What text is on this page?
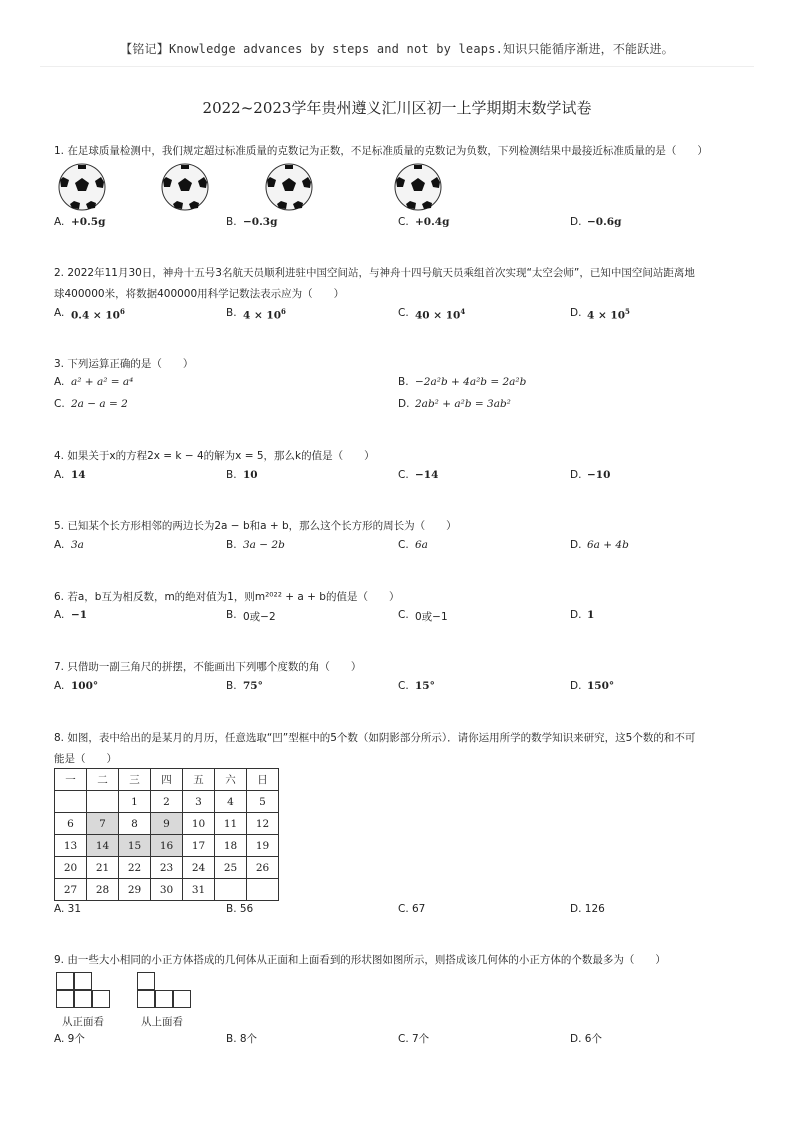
【铭记】Knowledge advances by steps and not by leaps.知识只能循序渐进，不能跃进。
2022~2023学年贵州遵义汇川区初一上学期期末数学试卷
1. 在足球质量检测中，我们规定超过标准质量的克数记为正数，不足标准质量的克数记为负数，下列检测结果中最接近标准质量的是（　　）
A. +0.5g	B. −0.3g	C. +0.4g	D. −0.6g
2. 2022年11月30日，神舟十五号3名航天员顺利进驻中国空间站，与神舟十四号航天员乘组首次实现“太空会师”，已知中国空间站距离地
球400000米，将数据400000用科学记数法表示应为（　　）
A. $0.4 \times 10^6$	B. $4 \times 10^6$	C. $40 \times 10^4$	D. $4 \times 10^5$
3. 下列运算正确的是（　　）
A. a² + a² = a⁴	B. −2a²b + 4a²b = 2a²b
C. 2a − a = 2	D. 2ab² + a²b = 3ab²
4. 如果关于x的方程2x = k − 4的解为x = 5，那么k的值是（　　）
A. 14	B. 10	C. −14	D. −10
5. 已知某个长方形相邻的两边长为2a − b和a + b，那么这个长方形的周长为（　　）
A. 3a	B. 3a − 2b	C. 6a	D. 6a + 4b
6. 若a，b互为相反数，m的绝对值为1，则m²⁰²² + a + b的值是（　　）
A. −1	B. 0或−2	C. 0或−1	D. 1
7. 只借助一副三角尺的拼摆，不能画出下列哪个度数的角（　　）
A. 100°	B. 75°	C. 15°	D. 150°
8. 如图，表中给出的是某月的月历，任意选取“凹”型框中的5个数（如阴影部分所示）．请你运用所学的数学知识来研究，这5个数的和不可
能是（　　）
一	二	三	四	五	六	日
		1	2	3	4	5
6	7	8	9	10	11	12
13	14	15	16	17	18	19
20	21	22	23	24	25	26
27	28	29	30	31		
A. 31	B. 56	C. 67	D. 126
9. 由一些大小相同的小正方体搭成的几何体从正面和上面看到的形状图如图所示，则搭成该几何体的小正方体的个数最多为（　　）
从正面看	从上面看
A. 9个	B. 8个	C. 7个	D. 6个
